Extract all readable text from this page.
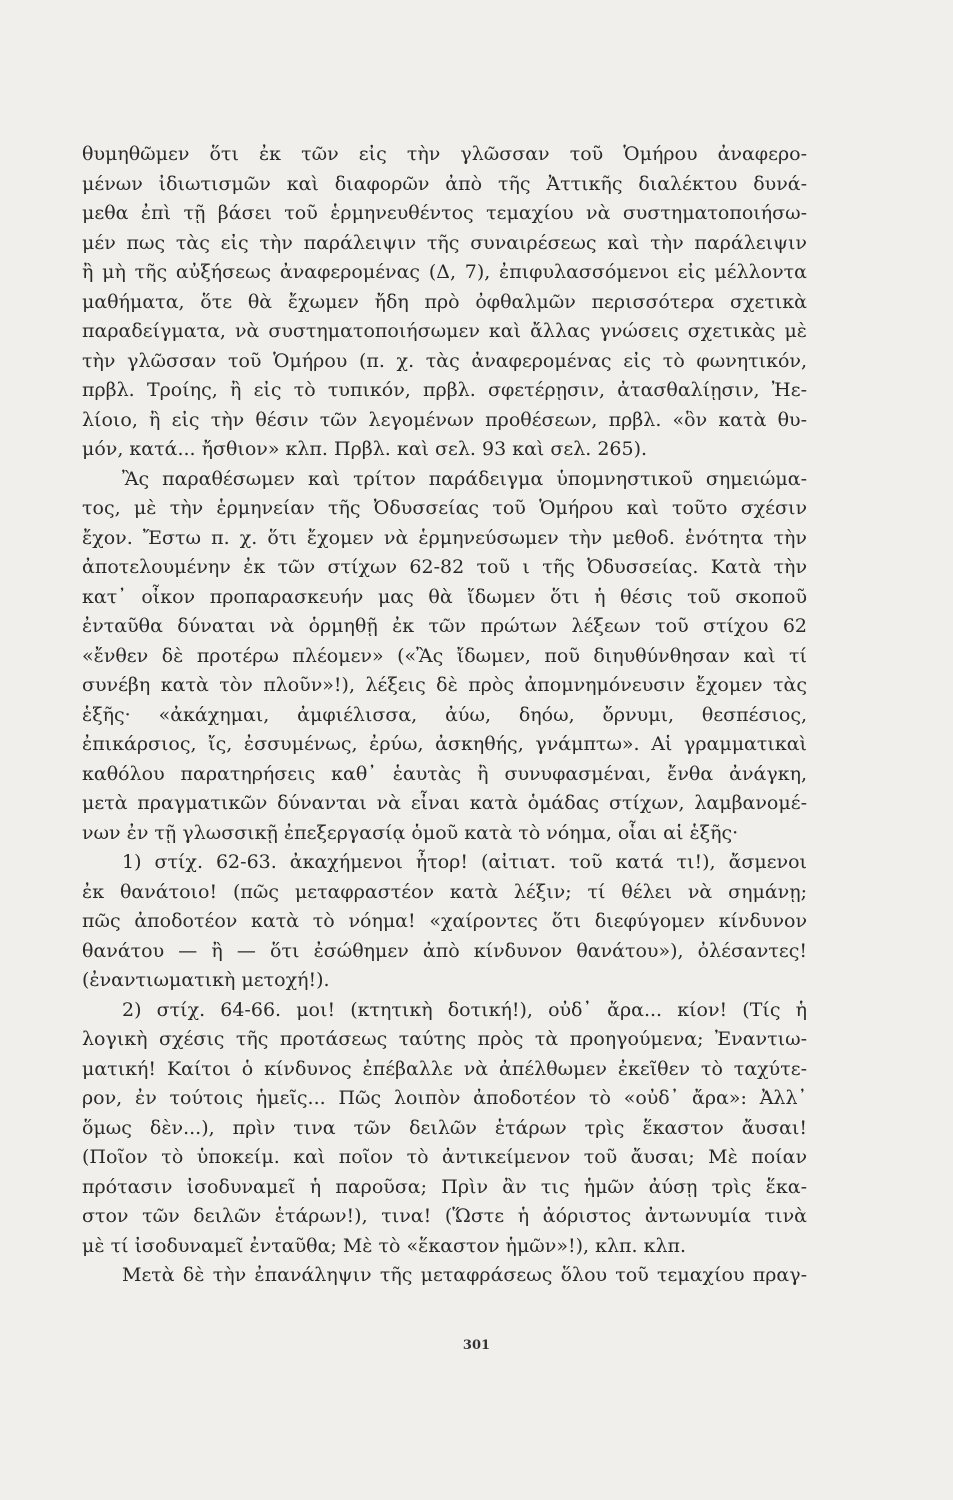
θυμηθῶμεν ὅτι ἐκ τῶν εἰς τὴν γλῶσσαν τοῦ Ὁμήρου ἀναφερο-
μένων ἰδιωτισμῶν καὶ διαφορῶν ἀπὸ τῆς Ἀττικῆς διαλέκτου δυνά-
μεθα ἐπὶ τῇ βάσει τοῦ ἑρμηνευθέντος τεμαχίου νὰ συστηματοποιήσω-
μέν πως τὰς εἰς τὴν παράλειψιν τῆς συναιρέσεως καὶ τὴν παράλειψιν
ἢ μὴ τῆς αὐξήσεως ἀναφερομένας (Δ, 7), ἐπιφυλασσόμενοι εἰς μέλλοντα
μαθήματα, ὅτε θὰ ἔχωμεν ἤδη πρὸ ὀφθαλμῶν περισσότερα σχετικὰ
παραδείγματα, νὰ συστηματοποιήσωμεν καὶ ἄλλας γνώσεις σχετικὰς μὲ
τὴν γλῶσσαν τοῦ Ὁμήρου (π. χ. τὰς ἀναφερομένας εἰς τὸ φωνητικόν,
πρβλ. Τροίης, ἢ εἰς τὸ τυπικόν, πρβλ. σφετέρῃσιν, ἀτασθαλίῃσιν, Ἠε-
λίοιο, ἢ εἰς τὴν θέσιν τῶν λεγομένων προθέσεων, πρβλ. «ὃν κατὰ θυ-
μόν, κατά... ἤσθιον» κλπ. Πρβλ. καὶ σελ. 93 καὶ σελ. 265).
Ἂς παραθέσωμεν καὶ τρίτον παράδειγμα ὑπομνηστικοῦ σημειώμα-
τος, μὲ τὴν ἑρμηνείαν τῆς Ὀδυσσείας τοῦ Ὁμήρου καὶ τοῦτο σχέσιν
ἔχον. Ἔστω π. χ. ὅτι ἔχομεν νὰ ἑρμηνεύσωμεν τὴν μεθοδ. ἑνότητα τὴν
ἀποτελουμένην ἐκ τῶν στίχων 62-82 τοῦ ι τῆς Ὀδυσσείας. Κατὰ τὴν
κατ᾿ οἶκον προπαρασκευήν μας θὰ ἴδωμεν ὅτι ἡ θέσις τοῦ σκοποῦ
ἐνταῦθα δύναται νὰ ὁρμηθῇ ἐκ τῶν πρώτων λέξεων τοῦ στίχου 62
«ἔνθεν δὲ προτέρω πλέομεν» («Ἂς ἴδωμεν, ποῦ διηυθύνθησαν καὶ τί
συνέβη κατὰ τὸν πλοῦν»!), λέξεις δὲ πρὸς ἀπομνημόνευσιν ἔχομεν τὰς
ἑξῆς· «ἀκάχημαι, ἀμφιέλισσα, ἀύω, δηόω, ὄρνυμι, θεσπέσιος,
ἐπικάρσιος, ἴς, ἐσσυμένως, ἐρύω, ἀσκηθής, γνάμπτω». Αἱ γραμματικαὶ
καθόλου παρατηρήσεις καθ᾿ ἑαυτὰς ἢ συνυφασμέναι, ἔνθα ἀνάγκη,
μετὰ πραγματικῶν δύνανται νὰ εἶναι κατὰ ὁμάδας στίχων, λαμβανομέ-
νων ἐν τῇ γλωσσικῇ ἐπεξεργασίᾳ ὁμοῦ κατὰ τὸ νόημα, οἷαι αἱ ἑξῆς·
1) στίχ. 62-63. ἀκαχήμενοι ἦτορ! (αἰτιατ. τοῦ κατά τι!), ἄσμενοι
ἐκ θανάτοιο! (πῶς μεταφραστέον κατὰ λέξιν; τί θέλει νὰ σημάνῃ;
πῶς ἀποδοτέον κατὰ τὸ νόημα! «χαίροντες ὅτι διεφύγομεν κίνδυνον
θανάτου — ἢ — ὅτι ἐσώθημεν ἀπὸ κίνδυνον θανάτου»), ὀλέσαντες!
(ἐναντιωματικὴ μετοχή!).
2) στίχ. 64-66. μοι! (κτητικὴ δοτική!), οὐδ᾿ ἄρα... κίον! (Τίς ἡ
λογικὴ σχέσις τῆς προτάσεως ταύτης πρὸς τὰ προηγούμενα; Ἐναντιω-
ματική! Καίτοι ὁ κίνδυνος ἐπέβαλλε νὰ ἀπέλθωμεν ἐκεῖθεν τὸ ταχύτε-
ρον, ἐν τούτοις ἡμεῖς... Πῶς λοιπὸν ἀποδοτέον τὸ «οὐδ᾿ ἄρα»: Ἀλλ᾿
ὅμως δὲν...), πρὶν τινα τῶν δειλῶν ἑτάρων τρὶς ἕκαστον ἄυσαι!
(Ποῖον τὸ ὑποκείμ. καὶ ποῖον τὸ ἀντικείμενον τοῦ ἄυσαι; Μὲ ποίαν
πρότασιν ἰσοδυναμεῖ ἡ παροῦσα; Πρὶν ἂν τις ἡμῶν ἀύσῃ τρὶς ἕκα-
στον τῶν δειλῶν ἑτάρων!), τινα! (Ὥστε ἡ ἀόριστος ἀντωνυμία τινὰ
μὲ τί ἰσοδυναμεῖ ἐνταῦθα; Μὲ τὸ «ἕκαστον ἡμῶν»!), κλπ. κλπ.
Μετὰ δὲ τὴν ἐπανάληψιν τῆς μεταφράσεως ὅλου τοῦ τεμαχίου πραγ-
301
